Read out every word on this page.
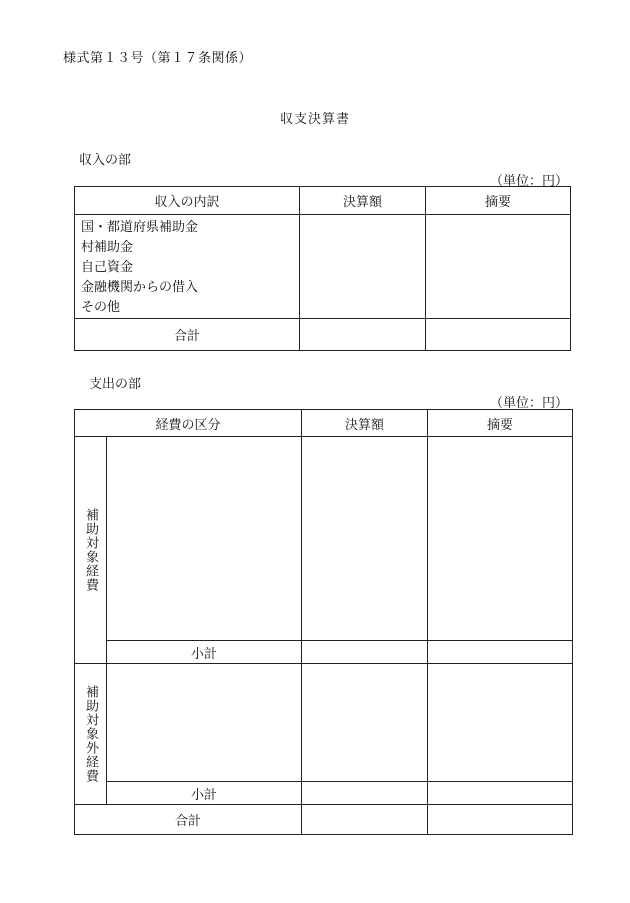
様式第１３号（第１７条関係）
収支決算書
収入の部
（単位：円）
収入の内訳	決算額	摘要

国・都道府県補助金
村補助金
自己資金
金融機関からの借入
その他		

合計		
支出の部
（単位：円）
経費の区分		決算額	摘要
補助対象経費			
	小計		
補助対象外経費			
	小計		
合計			
